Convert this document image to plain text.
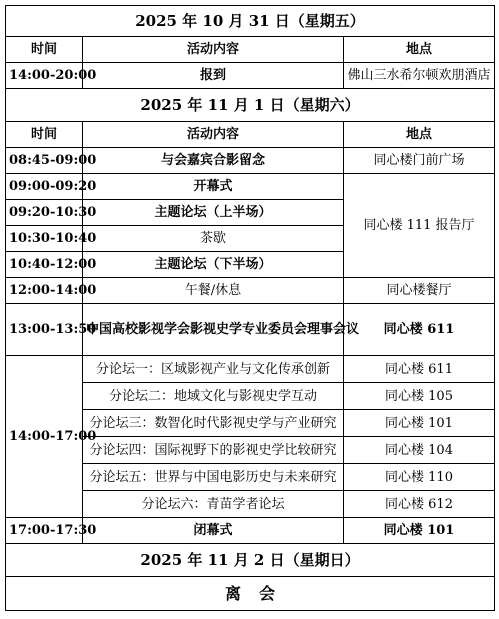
2025 年 10 月 31 日（星期五）		
时间	活动内容	地点
14:00-20:00	报到	佛山三水希尔顿欢朋酒店
2025 年 11 月 1 日（星期六）		
时间	活动内容	地点
08:45-09:00	与会嘉宾合影留念	同心楼门前广场
09:00-09:20	开幕式	同心楼 111 报告厅
09:20-10:30	主题论坛（上半场）	
10:30-10:40	茶歇	
10:40-12:00	主题论坛（下半场）	
12:00-14:00	午餐/休息	同心楼餐厅
13:00-13:50	中国高校影视学会影视史学专业委员会理事会议	同心楼 611
14:00-17:00	分论坛一：区域影视产业与文化传承创新	同心楼 611
	分论坛二：地域文化与影视史学互动	同心楼 105
	分论坛三：数智化时代影视史学与产业研究	同心楼 101
	分论坛四：国际视野下的影视史学比较研究	同心楼 104
	分论坛五：世界与中国电影历史与未来研究	同心楼 110
	分论坛六：青苗学者论坛	同心楼 612
17:00-17:30	闭幕式	同心楼 101
2025 年 11 月 2 日（星期日）		
离 会		
